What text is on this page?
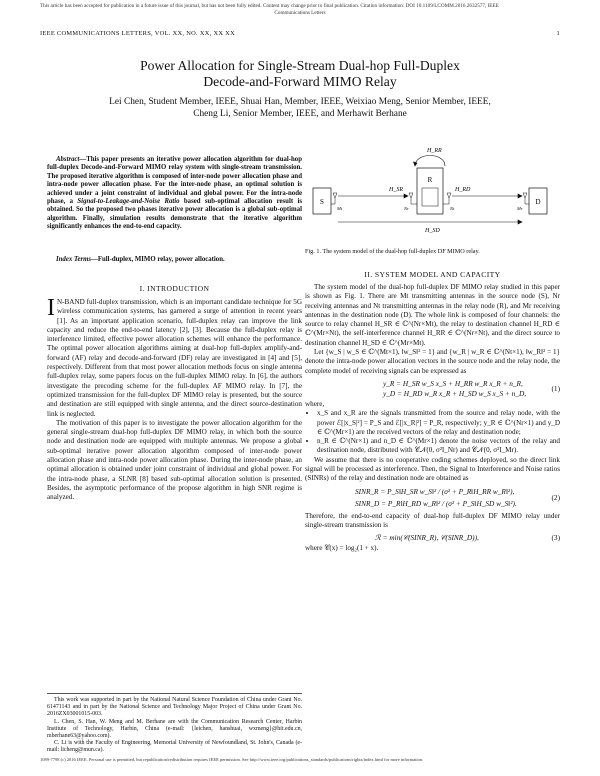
This article has been accepted for publication in a future issue of this journal, but has not been fully edited. Content may change prior to final publication. Citation information: DOI 10.1109/LCOMM.2016.2632577, IEEE
Communications Letters
IEEE COMMUNICATIONS LETTERS, VOL. XX, NO. XX, XX XX	1
Power Allocation for Single-Stream Dual-hop Full-Duplex
Decode-and-Forward MIMO Relay
Lei Chen, Student Member, IEEE, Shuai Han, Member, IEEE, Weixiao Meng, Senior Member, IEEE,
Cheng Li, Senior Member, IEEE, and Merhawit Berhane

Abstract—This paper presents an iterative power allocation algorithm for dual-hop full-duplex Decode-and-Forward MIMO relay system with single-stream transmission. The proposed iterative algorithm is composed of inter-node power allocation phase and intra-node power allocation phase. For the inter-node phase, an optimal solution is achieved under a joint constraint of individual and global power. For the intra-node phase, a Signal-to-Leakage-and-Noise Ratio based sub-optimal allocation result is obtained. So the proposed two phases iterative power allocation is a global sub-optimal algorithm. Finally, simulation results demonstrate that the iterative algorithm significantly enhances the end-to-end capacity.

Index Terms—Full-duplex, MIMO relay, power allocation.

I. INTRODUCTION

I N-BAND full-duplex transmission, which is an important candidate technique for 5G wireless communication systems, has garnered a surge of attention in recent years [1]. As an important application scenario, full-duplex relay can improve the link capacity and reduce the end-to-end latency [2], [3]. Because the full-duplex relay is interference limited, effective power allocation schemes will enhance the performance. The optimal power allocation algorithms aiming at dual-hop full-duplex amplify-and-forward (AF) relay and decode-and-forward (DF) relay are investigated in [4] and [5], respectively. Different from that most power allocation methods focus on single antenna full-duplex relay, some papers focus on the full-duplex MIMO relay. In [6], the authors investigate the precoding scheme for the full-duplex AF MIMO relay. In [7], the optimized transmission for the full-duplex DF MIMO relay is presented, but the source and destination are still equipped with single antenna, and the direct source-destination link is neglected.

The motivation of this paper is to investigate the power allocation algorithm for the general single-stream dual-hop full-duplex DF MIMO relay, in which both the source node and destination node are equipped with multiple antennas. We propose a global sub-optimal iterative power allocation algorithm composed of inter-node power allocation phase and intra-node power allocation phase. During the inter-node phase, an optimal allocation is obtained under joint constraint of individual and global power. For the intra-node phase, a SLNR [8] based sub-optimal allocation solution is presented. Besides, the asymptotic performance of the propose algorithm in high SNR regime is analyzed.

This work was supported in part by the National Natural Science Foundation of China under Grant No. 61471143 and in part by the National Science and Technology Major Project of China under Grant No. 2016ZX03001015-003.

L. Chen, S. Han, W. Meng and M. Berhane are with the Communication Research Center, Harbin Institute of Technology, Harbin, China (e-mail: {leichen, hanshuai, wxmeng}@hit.edu.cn, mberhane63@yahoo.com).

C. Li is with the Faculty of Engineering, Memorial University of Newfoundland, St. John's, Canada (e-mail: licheng@mun.ca).

S
R
D
H_RR
H_SR	H_RD
H_SD
Mt	Nr	Nt	Mr
Fig. 1. The system model of the dual-hop full-duplex DF MIMO relay.
II. SYSTEM MODEL AND CAPACITY

The system model of the dual-hop full-duplex DF MIMO relay studied in this paper is shown as Fig. 1. There are Mt transmitting antennas in the source node (S), Nr receiving antennas and Nt transmitting antennas in the relay node (R), and Mr receiving antennas in the destination node (D). The whole link is composed of four channels: the source to relay channel H_SR ∈ ℂ^(Nr×Mt), the relay to destination channel H_RD ∈ ℂ^(Mr×Nt), the self-interference channel H_RR ∈ ℂ^(Nr×Nt), and the direct source to destination channel H_SD ∈ ℂ^(Mr×Mt).

Let {w_S | w_S ∈ ℂ^(Mt×1), ‖w_S‖² = 1} and {w_R | w_R ∈ ℂ^(Nt×1), ‖w_R‖² = 1} denote the intra-node power allocation vectors in the source node and the relay node, the complete model of receiving signals can be expressed as

y_R = H_SR w_S x_S + H_RR w_R x_R + n_R,
y_D = H_RD w_R x_R + H_SD w_S x_S + n_D,
(1)
where,
• x_S and x_R are the signals transmitted from the source and relay node, with the power ℰ[|x_S|²] = P_S and ℰ[|x_R|²] = P_R, respectively; y_R ∈ ℂ^(Nr×1) and y_D ∈ ℂ^(Mr×1) are the received vectors of the relay and destination node;
• n_R ∈ ℂ^(Nr×1) and n_D ∈ ℂ^(Mr×1) denote the noise vectors of the relay and destination node, distributed with 𝒞𝒩(0, σ²I_Nr) and 𝒞𝒩(0, σ²I_Mr).

We assume that there is no cooperative coding schemes deployed, so the direct link signal will be processed as interference. Then, the Signal to Interference and Noise ratios (SINRs) of the relay and destination node are obtained as

SINR_R = P_S‖H_SR w_S‖² / (σ² + P_R‖H_RR w_R‖²),
SINR_D = P_R‖H_RD w_R‖² / (σ² + P_S‖H_SD w_S‖²).
(2)

Therefore, the end-to-end capacity of dual-hop full-duplex DF MIMO relay under single-stream transmission is

ℛ = min(𝒞(SINR_R), 𝒞(SINR_D)),	(3)

where 𝒞(x) = log₂(1 + x).

1089-7798 (c) 2016 IEEE. Personal use is permitted, but republication/redistribution requires IEEE permission. See http://www.ieee.org/publications_standards/publications/rights/index.html for more information.
